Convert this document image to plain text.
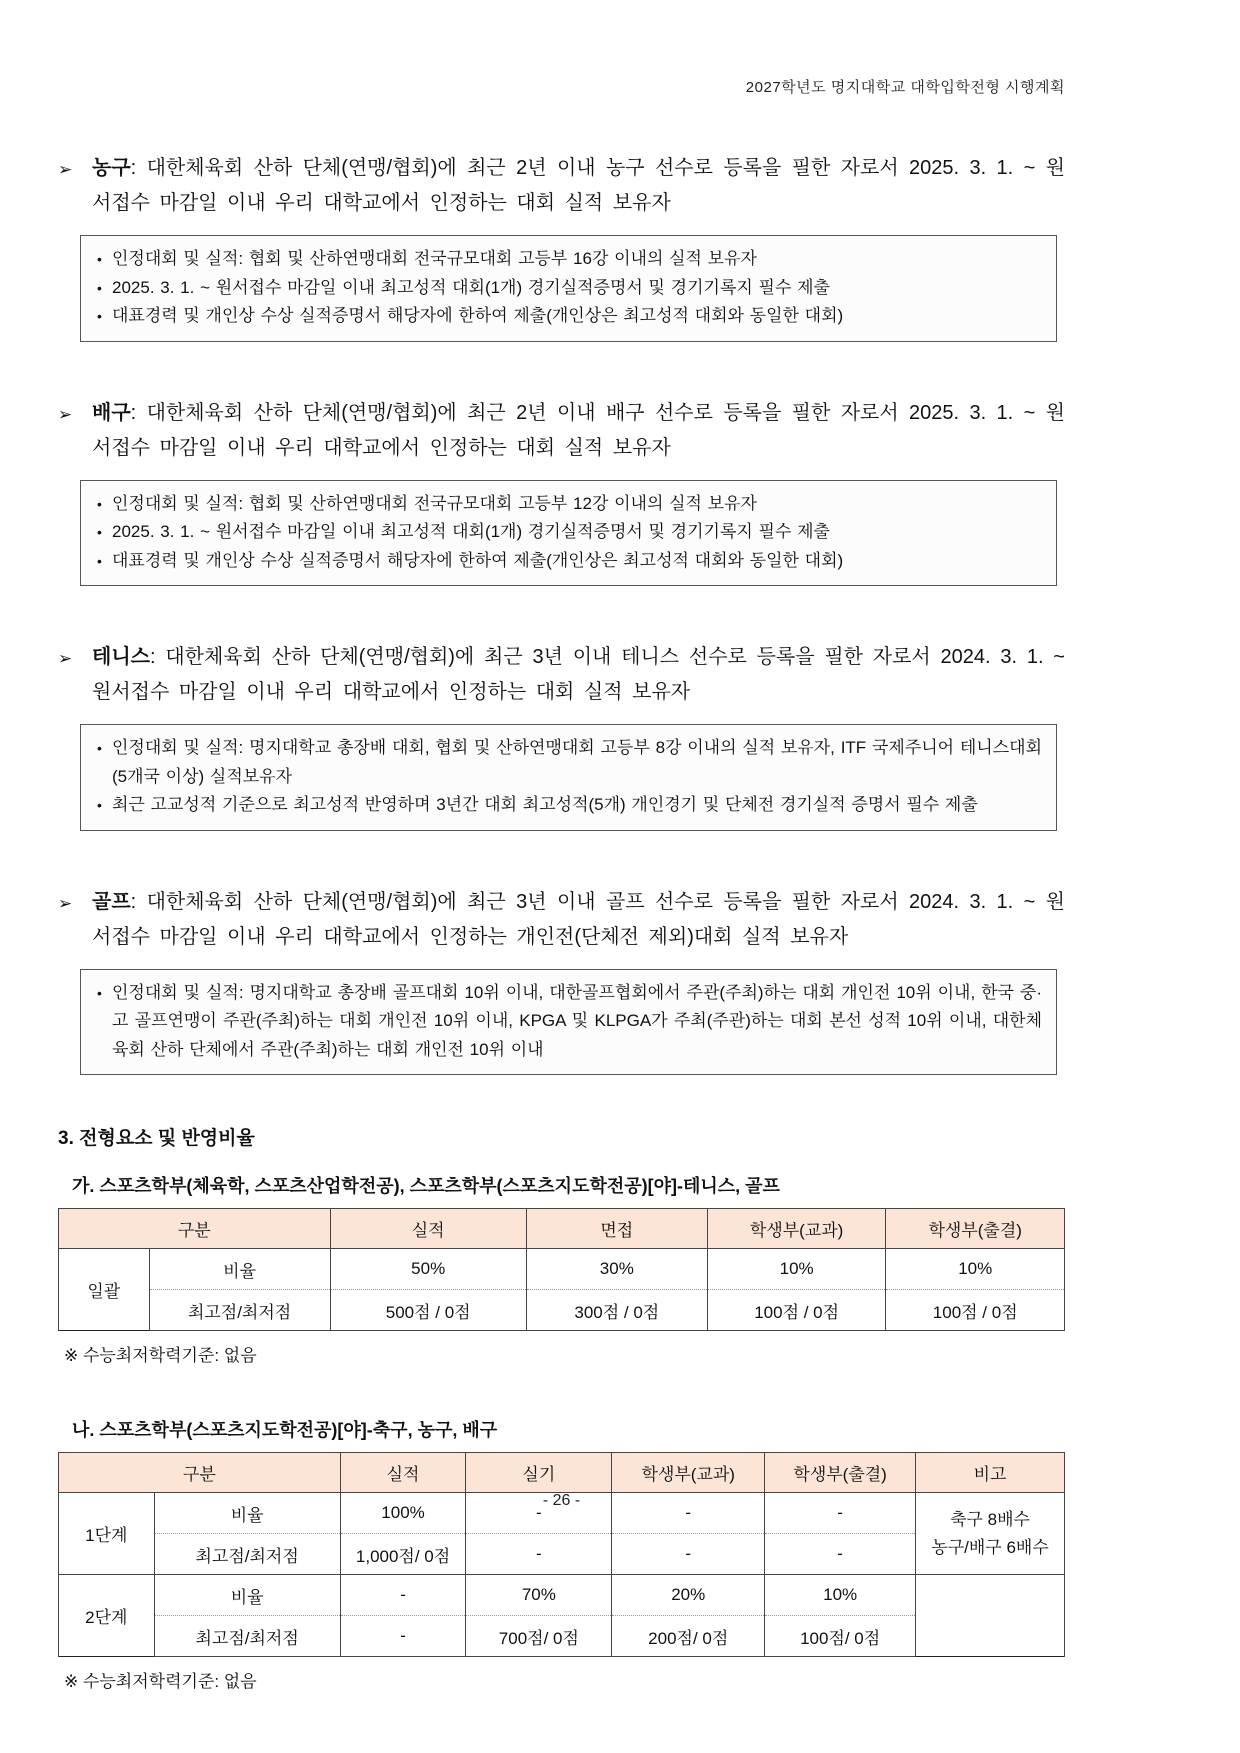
2027학년도 명지대학교 대학입학전형 시행계획
➢ 농구: 대한체육회 산하 단체(연맹/협회)에 최근 2년 이내 농구 선수로 등록을 필한 자로서 2025. 3. 1. ~ 원서접수 마감일 이내 우리 대학교에서 인정하는 대회 실적 보유자
• 인정대회 및 실적: 협회 및 산하연맹대회 전국규모대회 고등부 16강 이내의 실적 보유자
• 2025. 3. 1. ~ 원서접수 마감일 이내 최고성적 대회(1개) 경기실적증명서 및 경기기록지 필수 제출
• 대표경력 및 개인상 수상 실적증명서 해당자에 한하여 제출(개인상은 최고성적 대회와 동일한 대회)
➢ 배구: 대한체육회 산하 단체(연맹/협회)에 최근 2년 이내 배구 선수로 등록을 필한 자로서 2025. 3. 1. ~ 원서접수 마감일 이내 우리 대학교에서 인정하는 대회 실적 보유자
• 인정대회 및 실적: 협회 및 산하연맹대회 전국규모대회 고등부 12강 이내의 실적 보유자
• 2025. 3. 1. ~ 원서접수 마감일 이내 최고성적 대회(1개) 경기실적증명서 및 경기기록지 필수 제출
• 대표경력 및 개인상 수상 실적증명서 해당자에 한하여 제출(개인상은 최고성적 대회와 동일한 대회)
➢ 테니스: 대한체육회 산하 단체(연맹/협회)에 최근 3년 이내 테니스 선수로 등록을 필한 자로서 2024. 3. 1. ~ 원서접수 마감일 이내 우리 대학교에서 인정하는 대회 실적 보유자
• 인정대회 및 실적: 명지대학교 총장배 대회, 협회 및 산하연맹대회 고등부 8강 이내의 실적 보유자, ITF 국제주니어 테니스대회(5개국 이상) 실적보유자
• 최근 고교성적 기준으로 최고성적 반영하며 3년간 대회 최고성적(5개) 개인경기 및 단체전 경기실적 증명서 필수 제출
➢ 골프: 대한체육회 산하 단체(연맹/협회)에 최근 3년 이내 골프 선수로 등록을 필한 자로서 2024. 3. 1. ~ 원서접수 마감일 이내 우리 대학교에서 인정하는 개인전(단체전 제외)대회 실적 보유자
• 인정대회 및 실적: 명지대학교 총장배 골프대회 10위 이내, 대한골프협회에서 주관(주최)하는 대회 개인전 10위 이내, 한국 중·고 골프연맹이 주관(주최)하는 대회 개인전 10위 이내, KPGA 및 KLPGA가 주최(주관)하는 대회 본선 성적 10위 이내, 대한체육회 산하 단체에서 주관(주최)하는 대회 개인전 10위 이내
3. 전형요소 및 반영비율
가. 스포츠학부(체육학, 스포츠산업학전공), 스포츠학부(스포츠지도학전공)[야]-테니스, 골프
구분		실적	면접	학생부(교과)	학생부(출결)
일괄	비율	50%	30%	10%	10%
	최고점/최저점	500점 / 0점	300점 / 0점	100점 / 0점	100점 / 0점
※ 수능최저학력기준: 없음
나. 스포츠학부(스포츠지도학전공)[야]-축구, 농구, 배구
구분		실적	실기	학생부(교과)	학생부(출결)	비고
1단계	비율	100%	-	-	-	축구 8배수
농구/배구 6배수

	최고점/최저점	1,000점/ 0점	-	-	-	
2단계	비율	-	70%	20%	10%	
	최고점/최저점	-	700점/ 0점	200점/ 0점	100점/ 0점	
※ 수능최저학력기준: 없음
- 26 -
